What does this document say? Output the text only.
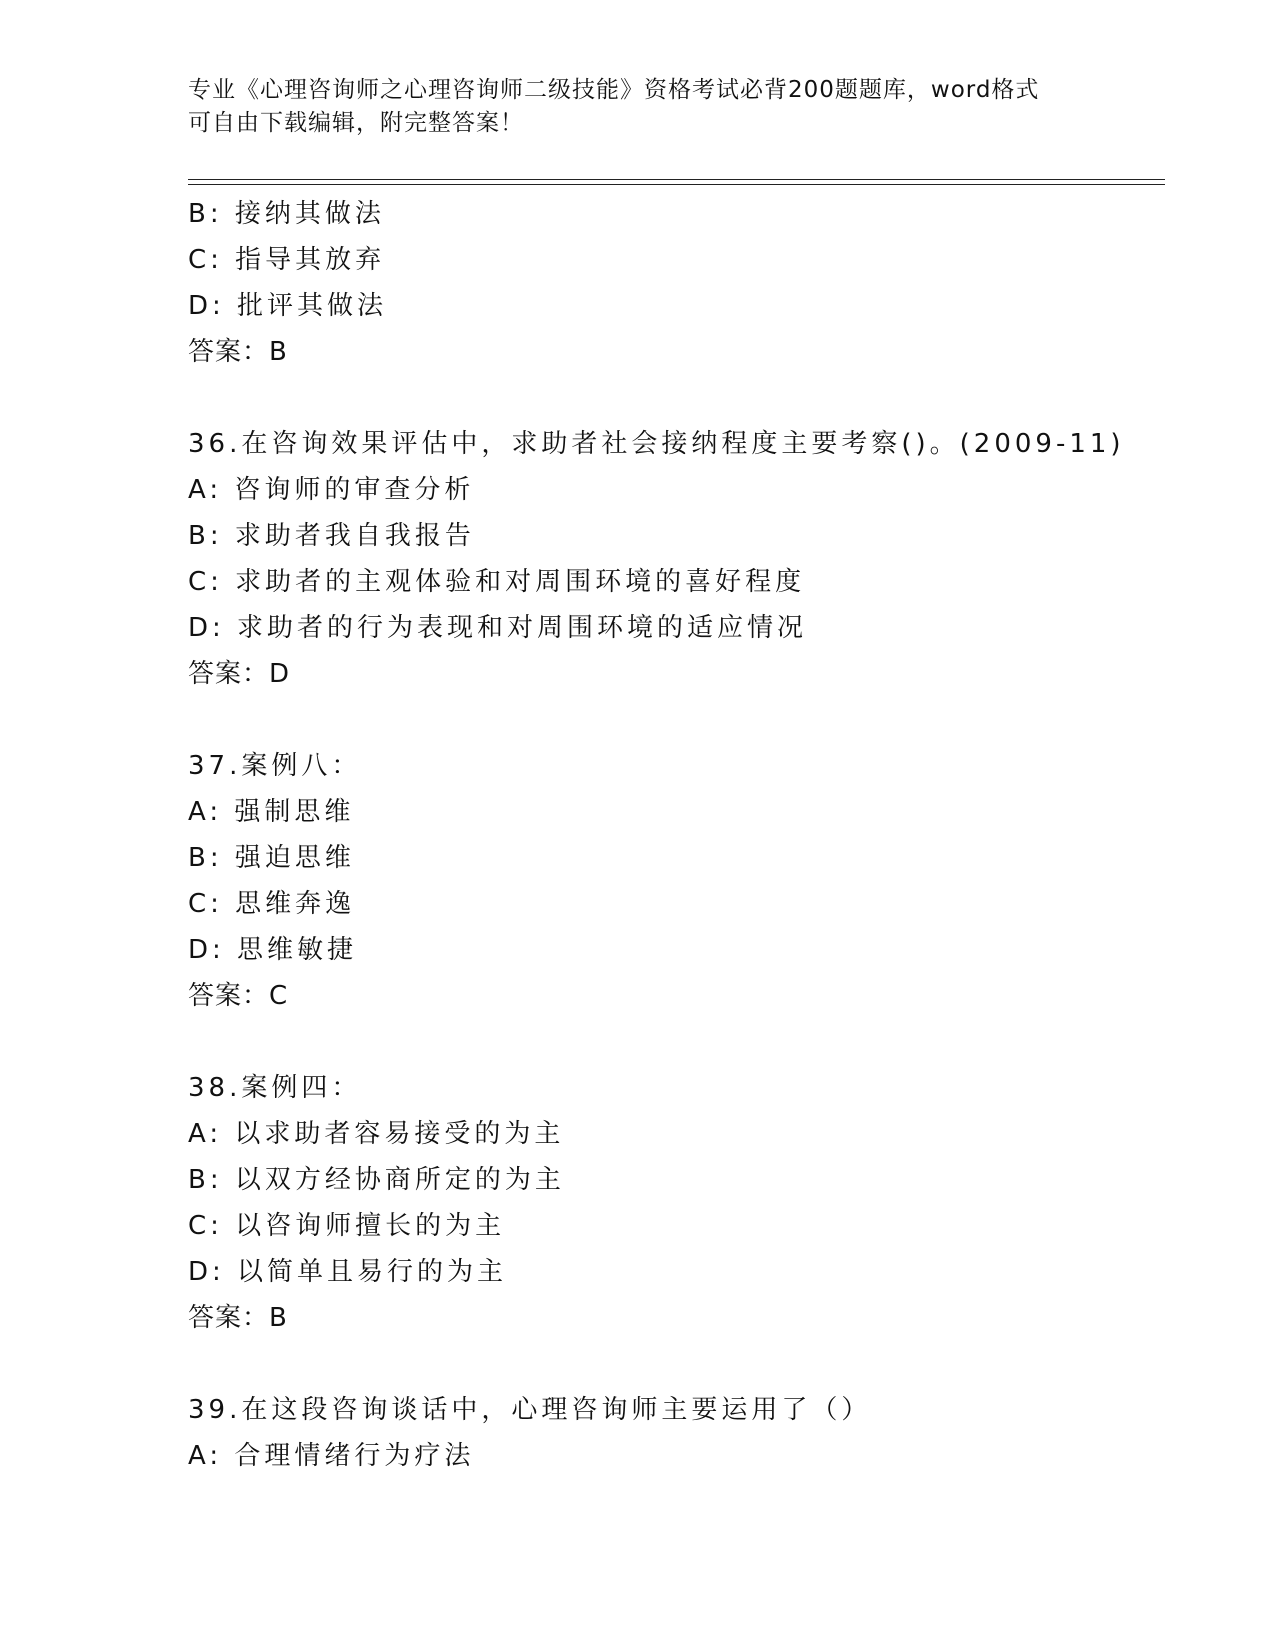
专业《心理咨询师之心理咨询师二级技能》资格考试必背200题题库，word格式
可自由下载编辑，附完整答案！
B: 接纳其做法
C: 指导其放弃
D: 批评其做法
答案：B
36.在咨询效果评估中，求助者社会接纳程度主要考察()。(2009-11)
A: 咨询师的审查分析
B: 求助者我自我报告
C: 求助者的主观体验和对周围环境的喜好程度
D: 求助者的行为表现和对周围环境的适应情况
答案：D
37.案例八：
A: 强制思维
B: 强迫思维
C: 思维奔逸
D: 思维敏捷
答案：C
38.案例四：
A: 以求助者容易接受的为主
B: 以双方经协商所定的为主
C: 以咨询师擅长的为主
D: 以简单且易行的为主
答案：B
39.在这段咨询谈话中，心理咨询师主要运用了（）
A: 合理情绪行为疗法
